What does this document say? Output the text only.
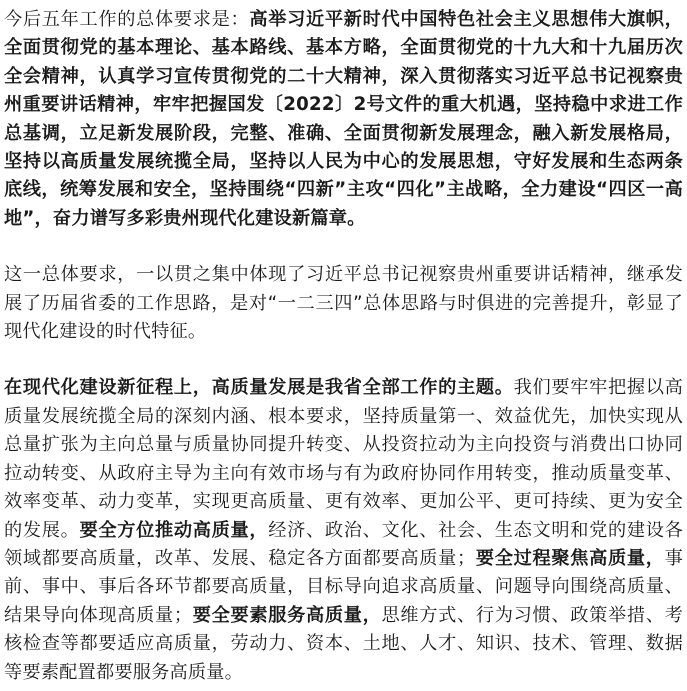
今后五年工作的总体要求是：高举习近平新时代中国特色社会主义思想伟大旗帜，全面贯彻党的基本理论、基本路线、基本方略，全面贯彻党的十九大和十九届历次全会精神，认真学习宣传贯彻党的二十大精神，深入贯彻落实习近平总书记视察贵州重要讲话精神，牢牢把握国发〔2022〕2号文件的重大机遇，坚持稳中求进工作总基调，立足新发展阶段，完整、准确、全面贯彻新发展理念，融入新发展格局，坚持以高质量发展统揽全局，坚持以人民为中心的发展思想，守好发展和生态两条底线，统筹发展和安全，坚持围绕“四新”主攻“四化”主战略，全力建设“四区一高地”，奋力谱写多彩贵州现代化建设新篇章。

这一总体要求，一以贯之集中体现了习近平总书记视察贵州重要讲话精神，继承发展了历届省委的工作思路，是对“一二三四”总体思路与时俱进的完善提升，彰显了现代化建设的时代特征。

在现代化建设新征程上，高质量发展是我省全部工作的主题。我们要牢牢把握以高质量发展统揽全局的深刻内涵、根本要求，坚持质量第一、效益优先，加快实现从总量扩张为主向总量与质量协同提升转变、从投资拉动为主向投资与消费出口协同拉动转变、从政府主导为主向有效市场与有为政府协同作用转变，推动质量变革、效率变革、动力变革，实现更高质量、更有效率、更加公平、更可持续、更为安全的发展。要全方位推动高质量，经济、政治、文化、社会、生态文明和党的建设各领域都要高质量，改革、发展、稳定各方面都要高质量；要全过程聚焦高质量，事前、事中、事后各环节都要高质量，目标导向追求高质量、问题导向围绕高质量、结果导向体现高质量；要全要素服务高质量，思维方式、行为习惯、政策举措、考核检查等都要适应高质量，劳动力、资本、土地、人才、知识、技术、管理、数据等要素配置都要服务高质量。
